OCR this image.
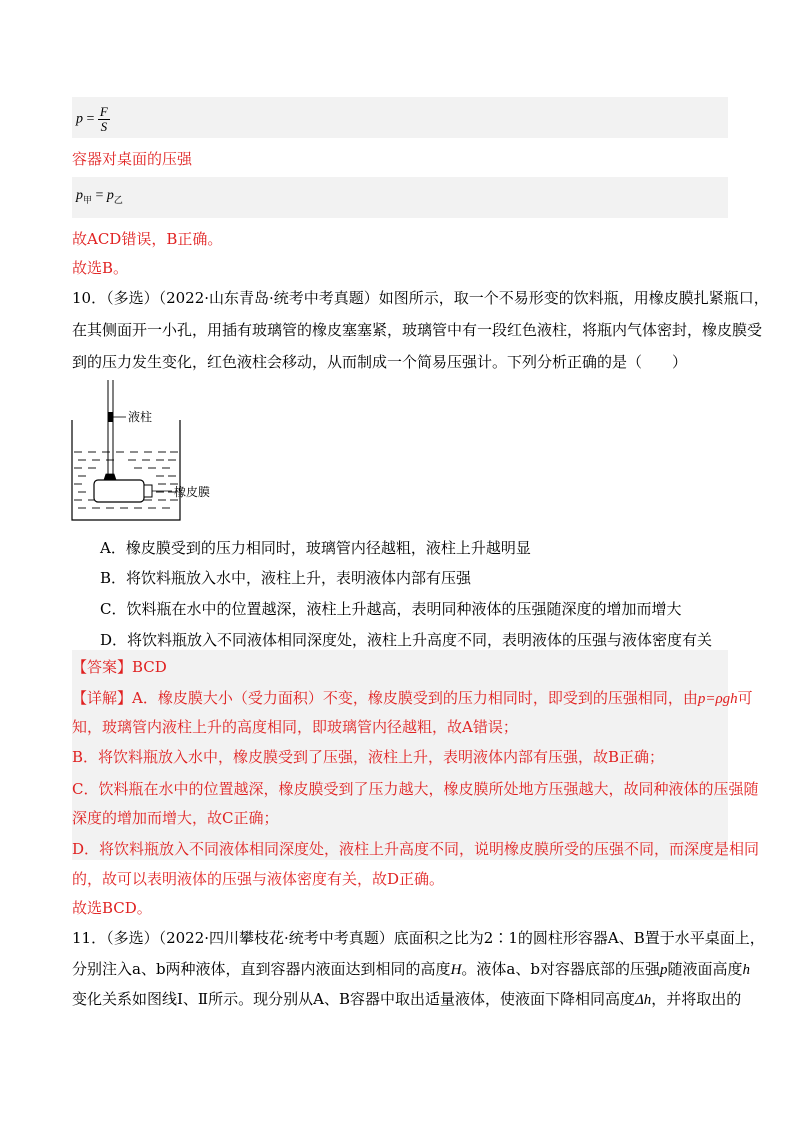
$p = \frac{F}{S}$
容器对桌面的压强
$p_甲 = p_乙$
故ACD错误，B正确。
故选B。
10．（多选）（2022·山东青岛·统考中考真题）如图所示，取一个不易形变的饮料瓶，用橡皮膜扎紧瓶口，
在其侧面开一小孔，用插有玻璃管的橡皮塞塞紧，玻璃管中有一段红色液柱，将瓶内气体密封，橡皮膜受
到的压力发生变化，红色液柱会移动，从而制成一个简易压强计。下列分析正确的是（　　）
液柱
橡皮膜
A．橡皮膜受到的压力相同时，玻璃管内径越粗，液柱上升越明显
B．将饮料瓶放入水中，液柱上升，表明液体内部有压强
C．饮料瓶在水中的位置越深，液柱上升越高，表明同种液体的压强随深度的增加而增大
D．将饮料瓶放入不同液体相同深度处，液柱上升高度不同，表明液体的压强与液体密度有关
【答案】BCD
【详解】A．橡皮膜大小（受力面积）不变，橡皮膜受到的压力相同时，即受到的压强相同，由p=ρgh可
知，玻璃管内液柱上升的高度相同，即玻璃管内径越粗，故A错误；
B．将饮料瓶放入水中，橡皮膜受到了压强，液柱上升，表明液体内部有压强，故B正确；
C．饮料瓶在水中的位置越深，橡皮膜受到了压力越大，橡皮膜所处地方压强越大，故同种液体的压强随
深度的增加而增大，故C正确；
D．将饮料瓶放入不同液体相同深度处，液柱上升高度不同，说明橡皮膜所受的压强不同，而深度是相同
的，故可以表明液体的压强与液体密度有关，故D正确。
故选BCD。
11．（多选）（2022·四川攀枝花·统考中考真题）底面积之比为2∶1的圆柱形容器A、B置于水平桌面上，
分别注入a、b两种液体，直到容器内液面达到相同的高度H。液体a、b对容器底部的压强p随液面高度h
变化关系如图线Ⅰ、Ⅱ所示。现分别从A、B容器中取出适量液体，使液面下降相同高度Δh，并将取出的
